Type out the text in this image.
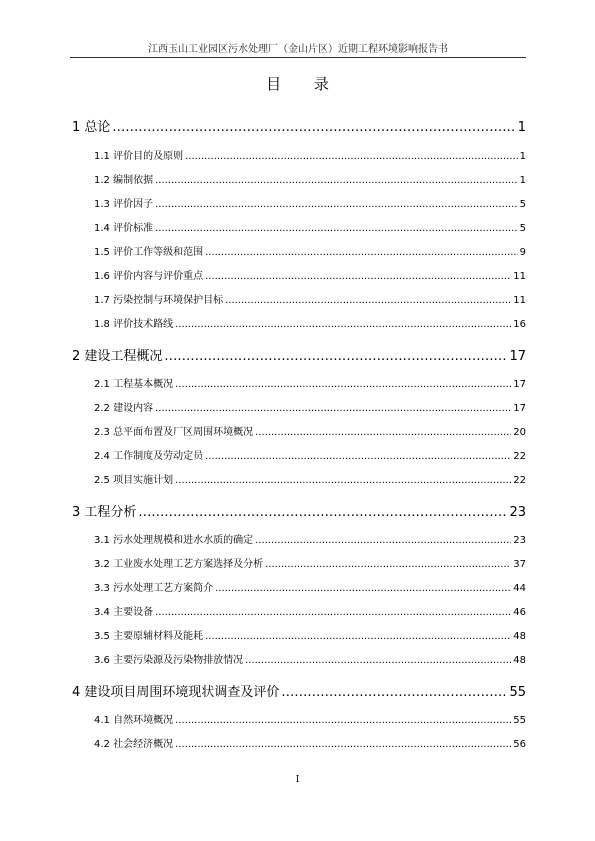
江西玉山工业园区污水处理厂（金山片区）近期工程环境影响报告书
目 录
1 总论 .....	1
1.1 评价目的及原则 .....	1
1.2 编制依据 .....	1
1.3 评价因子 .....	5
1.4 评价标准 .....	5
1.5 评价工作等级和范围 .....	9
1.6 评价内容与评价重点 .....	11
1.7 污染控制与环境保护目标 .....	11
1.8 评价技术路线 .....	16
2 建设工程概况 .....	17
2.1 工程基本概况 .....	17
2.2 建设内容 .....	17
2.3 总平面布置及厂区周围环境概况 .....	20
2.4 工作制度及劳动定员 .....	22
2.5 项目实施计划 .....	22
3 工程分析 .....	23
3.1 污水处理规模和进水水质的确定 .....	23
3.2 工业废水处理工艺方案选择及分析 .....	37
3.3 污水处理工艺方案简介 .....	44
3.4 主要设备 .....	46
3.5 主要原辅材料及能耗 .....	48
3.6 主要污染源及污染物排放情况 .....	48
4 建设项目周围环境现状调查及评价 .....	55
4.1 自然环境概况 .....	55
4.2 社会经济概况 .....	56
I
